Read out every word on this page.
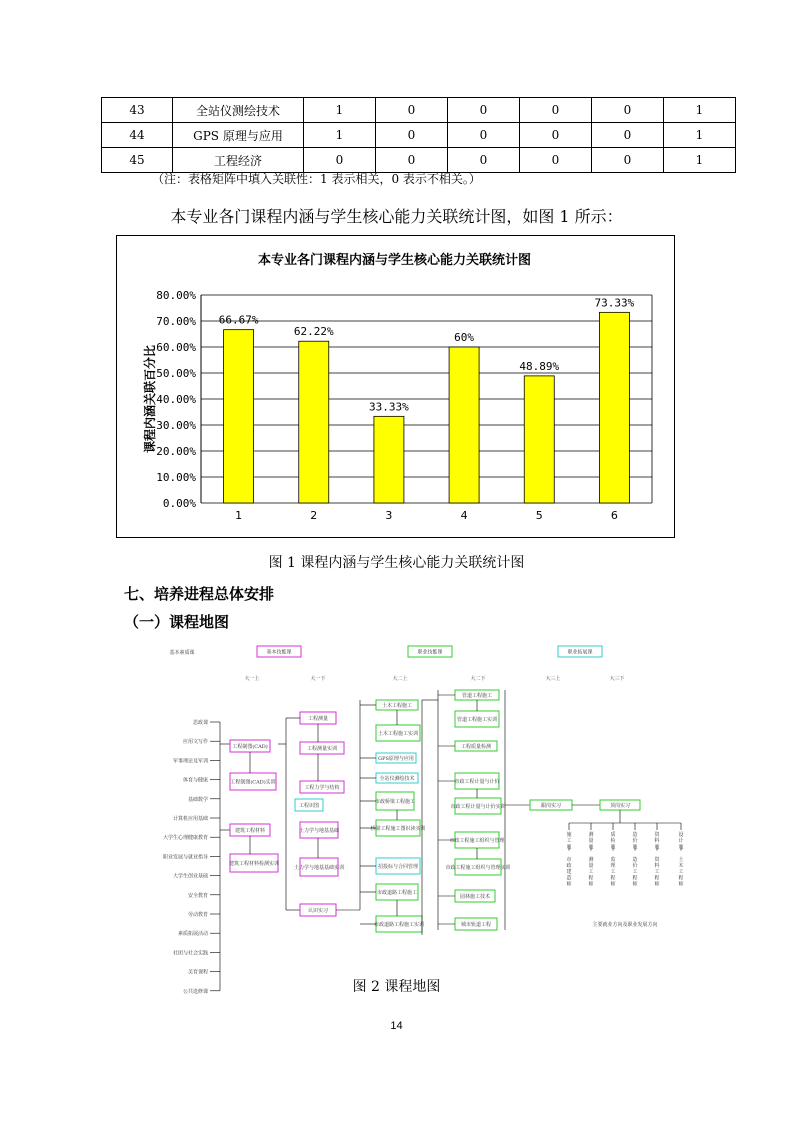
43	全站仪测绘技术	1	0	0	0	0	1
44	GPS 原理与应用	1	0	0	0	0	1
45	工程经济	0	0	0	0	0	1
（注：表格矩阵中填入关联性：1 表示相关，0 表示不相关。）
本专业各门课程内涵与学生核心能力关联统计图，如图 1 所示：
本专业各门课程内涵与学生核心能力关联统计图
0.00%
10.00%
20.00%
30.00%
40.00%
50.00%
60.00%
70.00%
80.00%
课程内涵关联百分比
66.67%
1
62.22%
2
33.33%
3
60%
4
48.89%
5
73.33%
6
图 1 课程内涵与学生核心能力关联统计图
七、培养进程总体安排
（一）课程地图
基本素质课	基本技能课	职业技能课	职业拓展课
大一上	大一下	大二上	大二下	大三上	大三下
思政课
应用文写作
军事理论及军训
体育与健康
基础数学
计算机应用基础
大学生心理健康教育
职业发展与就业指导
大学生创业基础
安全教育
劳动教育
素质拓展活动
社团与社会实践
美育课程
公共选修课
工程制图(CAD)
工程制图(CAD)实训
建筑工程材料
建筑工程材料检测实训
工程测量
工程测量实训
工程力学与结构
工程识图
土力学与地基基础
土力学与地基基础实训
认识实习
土木工程施工
土木工程施工实训
GPS原理与应用
全站仪测绘技术
市政桥梁工程施工
桥梁工程施工图识读实训
招投标与合同管理
市政道路工程施工
市政道路工程施工实训
管道工程施工
管道工程施工实训
工程质量检测
市政工程计量与计价
市政工程计量与计价实训
市政工程施工组织与管理
市政工程施工组织与管理实训
园林施工技术
城市轨道工程
跟岗实习	顶岗实习
施
工
员
市
政
建
造
师
测
量
员
测
量
工
程
师
质
检
员
监
理
工
程
师
造
价
员
造
价
工
程
师
资
料
员
资
料
工
程
师
设
计
员
土
木
工
程
师
主要就业方向及职业发展方向
图 2 课程地图
14
